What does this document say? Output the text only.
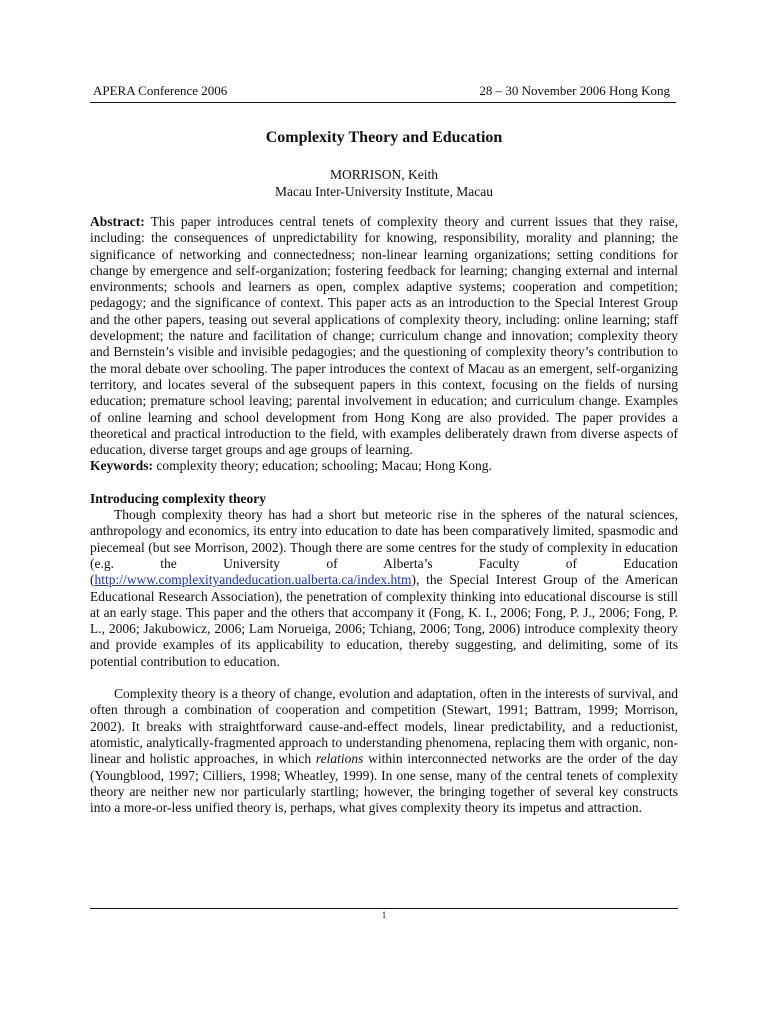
APERA Conference 2006	28 – 30 November 2006 Hong Kong
Complexity Theory and Education
MORRISON, Keith
Macau Inter-University Institute, Macau

Abstract: This paper introduces central tenets of complexity theory and current issues that they raise, including: the consequences of unpredictability for knowing, responsibility, morality and planning; the significance of networking and connectedness; non-linear learning organizations; setting conditions for change by emergence and self-organization; fostering feedback for learning; changing external and internal environments; schools and learners as open, complex adaptive systems; cooperation and competition; pedagogy; and the significance of context. This paper acts as an introduction to the Special Interest Group and the other papers, teasing out several applications of complexity theory, including: online learning; staff development; the nature and facilitation of change; curriculum change and innovation; complexity theory and Bernstein’s visible and invisible pedagogies; and the questioning of complexity theory’s contribution to the moral debate over schooling. The paper introduces the context of Macau as an emergent, self-organizing territory, and locates several of the subsequent papers in this context, focusing on the fields of nursing education; premature school leaving; parental involvement in education; and curriculum change. Examples of online learning and school development from Hong Kong are also provided. The paper provides a theoretical and practical introduction to the field, with examples deliberately drawn from diverse aspects of education, diverse target groups and age groups of learning.

Keywords: complexity theory; education; schooling; Macau; Hong Kong.

Introducing complexity theory

Though complexity theory has had a short but meteoric rise in the spheres of the natural sciences, anthropology and economics, its entry into education to date has been comparatively limited, spasmodic and piecemeal (but see Morrison, 2002). Though there are some centres for the study of complexity in education (e.g. the University of Alberta’s Faculty of Education (http://www.complexityandeducation.ualberta.ca/index.htm), the Special Interest Group of the American Educational Research Association), the penetration of complexity thinking into educational discourse is still at an early stage. This paper and the others that accompany it (Fong, K. I., 2006; Fong, P. J., 2006; Fong, P. L., 2006; Jakubowicz, 2006; Lam Norueiga, 2006; Tchiang, 2006; Tong, 2006) introduce complexity theory and provide examples of its applicability to education, thereby suggesting, and delimiting, some of its potential contribution to education.

Complexity theory is a theory of change, evolution and adaptation, often in the interests of survival, and often through a combination of cooperation and competition (Stewart, 1991; Battram, 1999; Morrison, 2002). It breaks with straightforward cause-and-effect models, linear predictability, and a reductionist, atomistic, analytically-fragmented approach to understanding phenomena, replacing them with organic, non-linear and holistic approaches, in which relations within interconnected networks are the order of the day (Youngblood, 1997; Cilliers, 1998; Wheatley, 1999). In one sense, many of the central tenets of complexity theory are neither new nor particularly startling; however, the bringing together of several key constructs into a more-or-less unified theory is, perhaps, what gives complexity theory its impetus and attraction.

1
